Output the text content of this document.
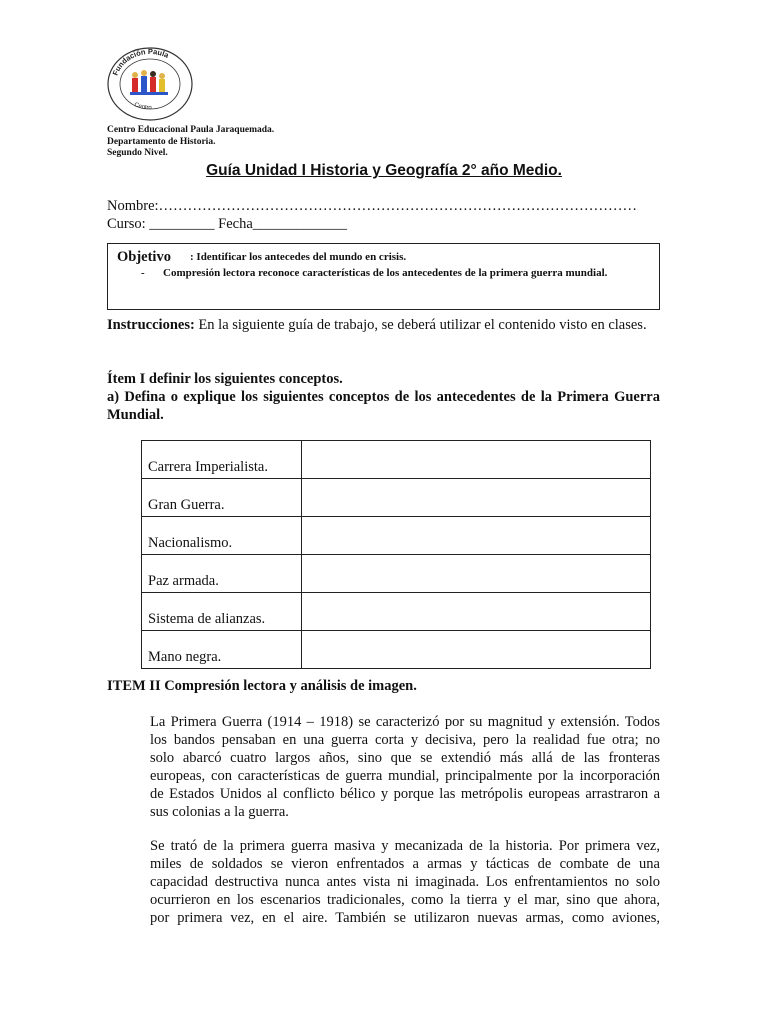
Fundación Paula
Centro
Centro Educacional Paula Jaraquemada.
Departamento de Historia.
Segundo Nivel.
Guía Unidad I Historia y Geografía 2° año Medio.
Nombre:………………………………………………………………………………………
Curso: _________ Fecha_____________
Objetivo : Identificar los antecedes del mundo en crisis.
- Compresión lectora reconoce características de los antecedentes de la primera guerra mundial.
Instrucciones: En la siguiente guía de trabajo, se deberá utilizar el contenido visto en clases.
Ítem I definir los siguientes conceptos.
a) Defina o explique los siguientes conceptos de los antecedentes de la Primera Guerra Mundial.
Carrera Imperialista.	
Gran Guerra.	
Nacionalismo.	
Paz armada.	
Sistema de alianzas.	
Mano negra.	
ITEM II Compresión lectora y análisis de imagen.
La Primera Guerra (1914 – 1918) se caracterizó por su magnitud y extensión. Todos
los bandos pensaban en una guerra corta y decisiva, pero la realidad fue otra; no
solo abarcó cuatro largos años, sino que se extendió más allá de las fronteras
europeas, con características de guerra mundial, principalmente por la incorporación
de Estados Unidos al conflicto bélico y porque las metrópolis europeas arrastraron a
sus colonias a la guerra.
Se trató de la primera guerra masiva y mecanizada de la historia. Por primera vez,
miles de soldados se vieron enfrentados a armas y tácticas de combate de una
capacidad destructiva nunca antes vista ni imaginada. Los enfrentamientos no solo
ocurrieron en los escenarios tradicionales, como la tierra y el mar, sino que ahora,
por primera vez, en el aire. También se utilizaron nuevas armas, como aviones,
